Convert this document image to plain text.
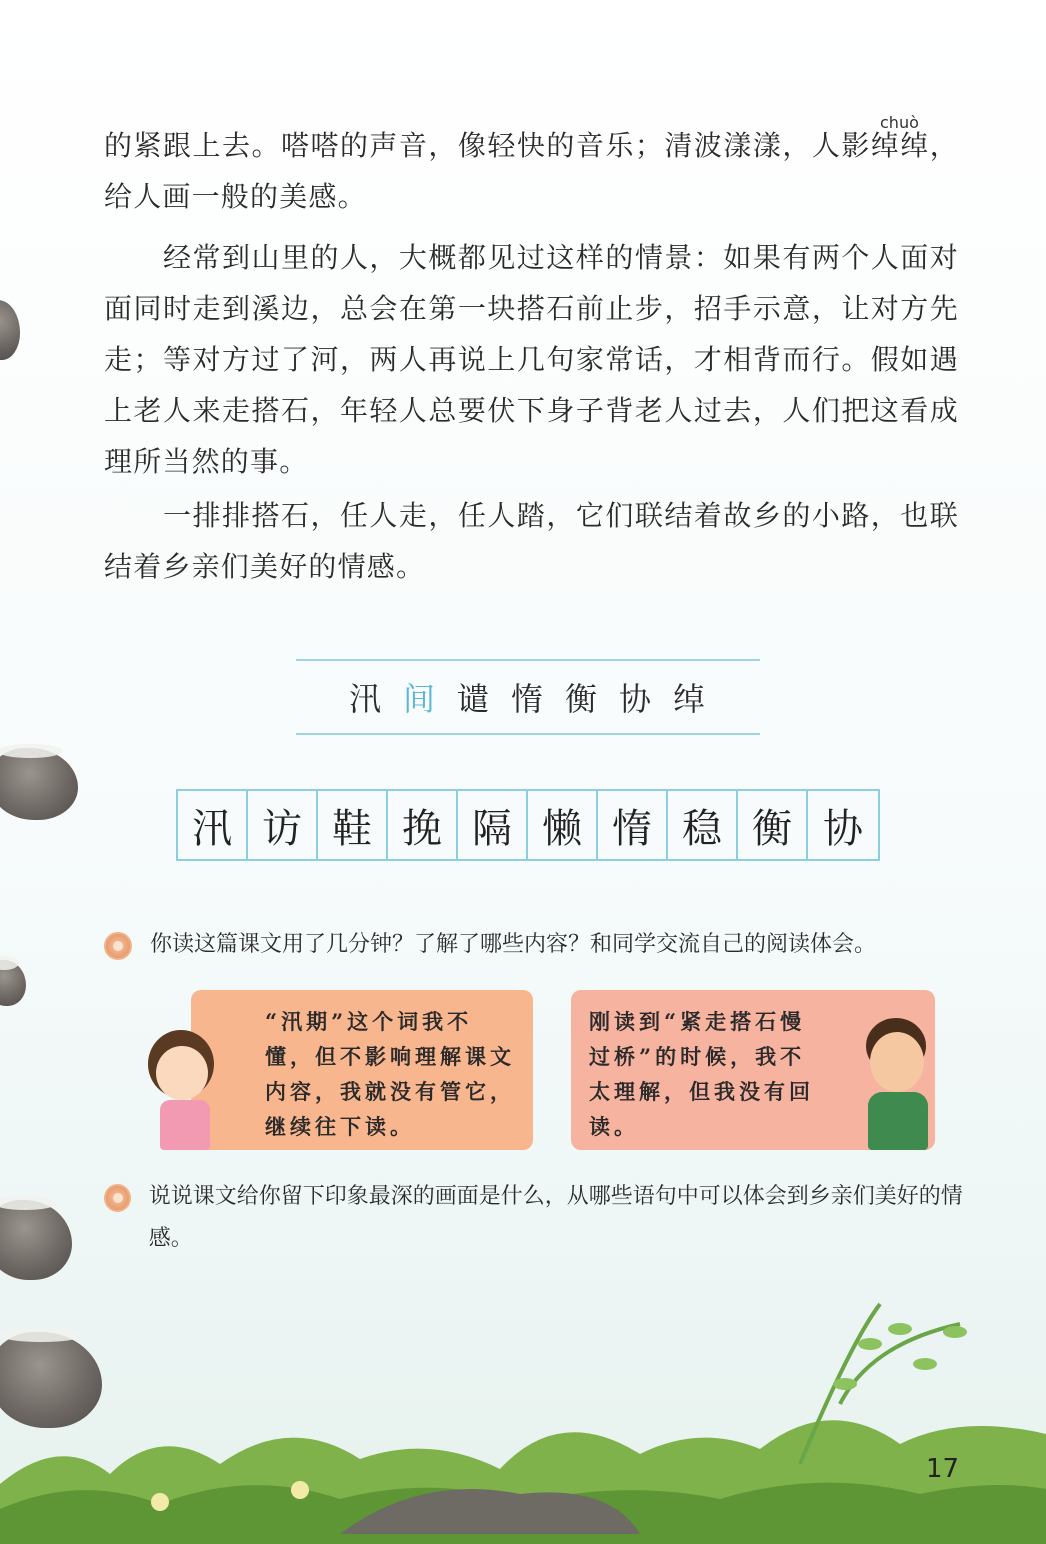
chuò

的紧跟上去。嗒嗒的声音，像轻快的音乐；清波漾漾，人影绰绰，给人画一般的美感。

　　经常到山里的人，大概都见过这样的情景：如果有两个人面对面同时走到溪边，总会在第一块搭石前止步，招手示意，让对方先走；等对方过了河，两人再说上几句家常话，才相背而行。假如遇上老人来走搭石，年轻人总要伏下身子背老人过去，人们把这看成理所当然的事。

　　一排排搭石，任人走，任人踏，它们联结着故乡的小路，也联结着乡亲们美好的情感。

汛 间 谴 惰 衡 协 绰
汛 访 鞋 挽 隔 懒 惰 稳 衡 协
你读这篇课文用了几分钟？了解了哪些内容？和同学交流自己的阅读体会。
“汛期”这个词我不懂，但不影响理解课文内容，我就没有管它，继续往下读。
刚读到“紧走搭石慢过桥”的时候，我不太理解，但我没有回读。
说说课文给你留下印象最深的画面是什么，从哪些语句中可以体会到乡亲们美好的情感。
17
